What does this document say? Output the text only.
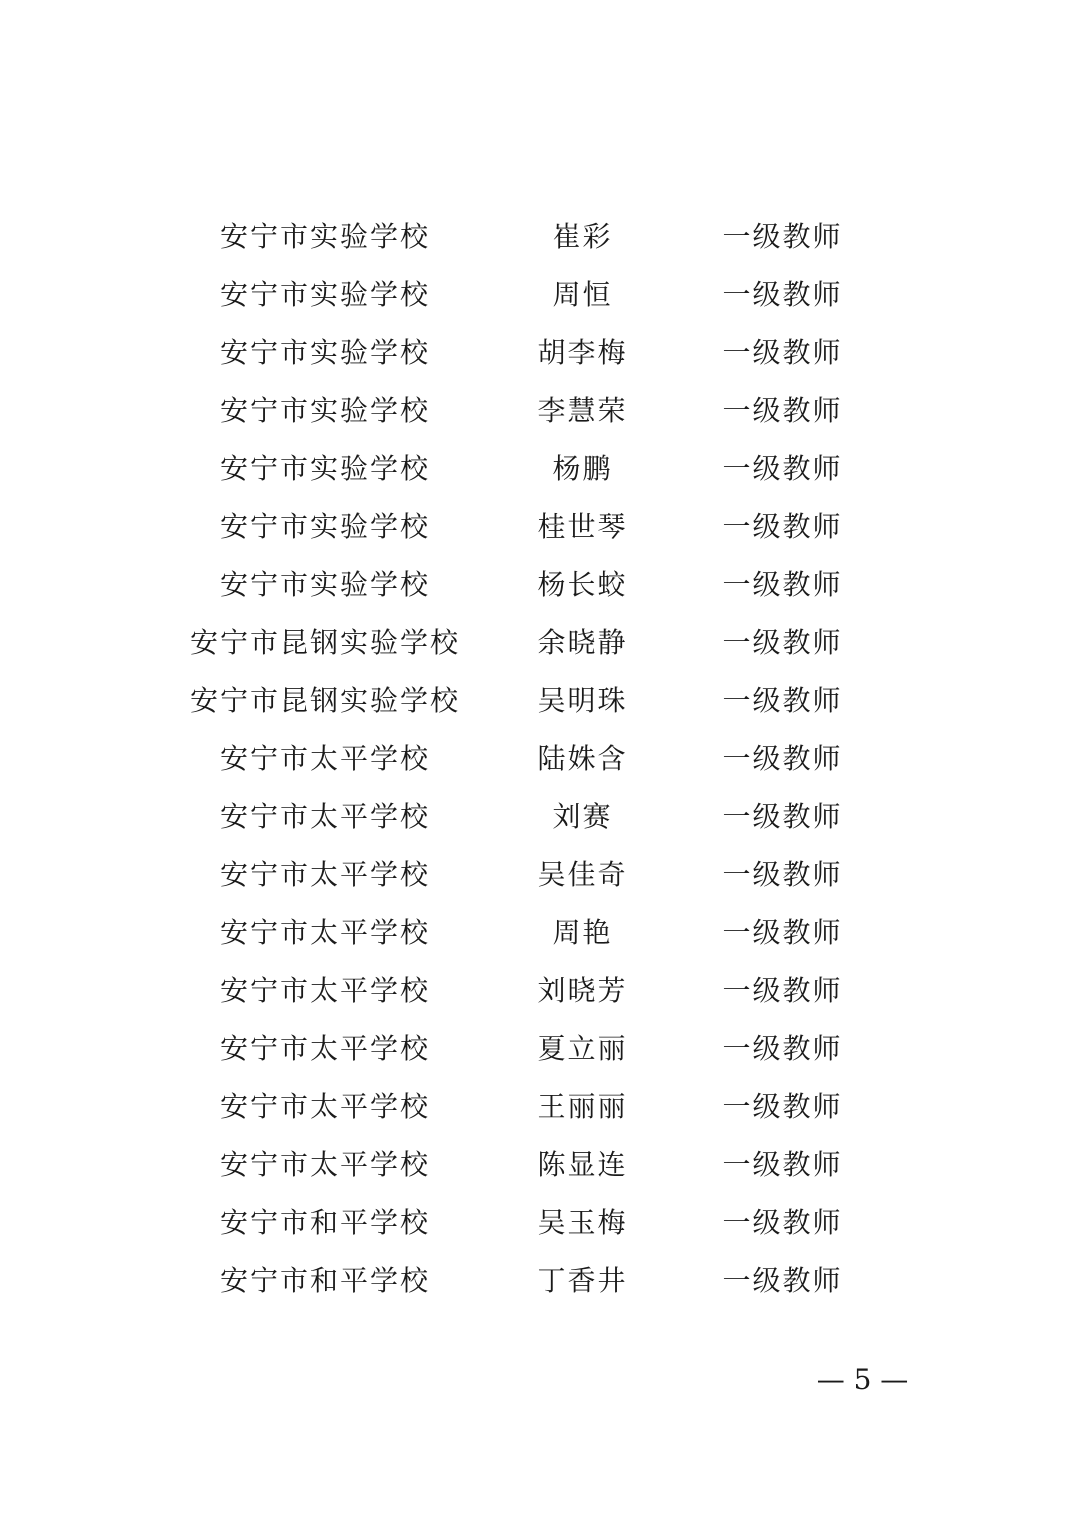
安宁市实验学校	崔彩	一级教师
安宁市实验学校	周恒	一级教师
安宁市实验学校	胡李梅	一级教师
安宁市实验学校	李慧荣	一级教师
安宁市实验学校	杨鹏	一级教师
安宁市实验学校	桂世琴	一级教师
安宁市实验学校	杨长蛟	一级教师
安宁市昆钢实验学校	余晓静	一级教师
安宁市昆钢实验学校	吴明珠	一级教师
安宁市太平学校	陆姝含	一级教师
安宁市太平学校	刘赛	一级教师
安宁市太平学校	吴佳奇	一级教师
安宁市太平学校	周艳	一级教师
安宁市太平学校	刘晓芳	一级教师
安宁市太平学校	夏立丽	一级教师
安宁市太平学校	王丽丽	一级教师
安宁市太平学校	陈显连	一级教师
安宁市和平学校	吴玉梅	一级教师
安宁市和平学校	丁香井	一级教师
— 5 —
